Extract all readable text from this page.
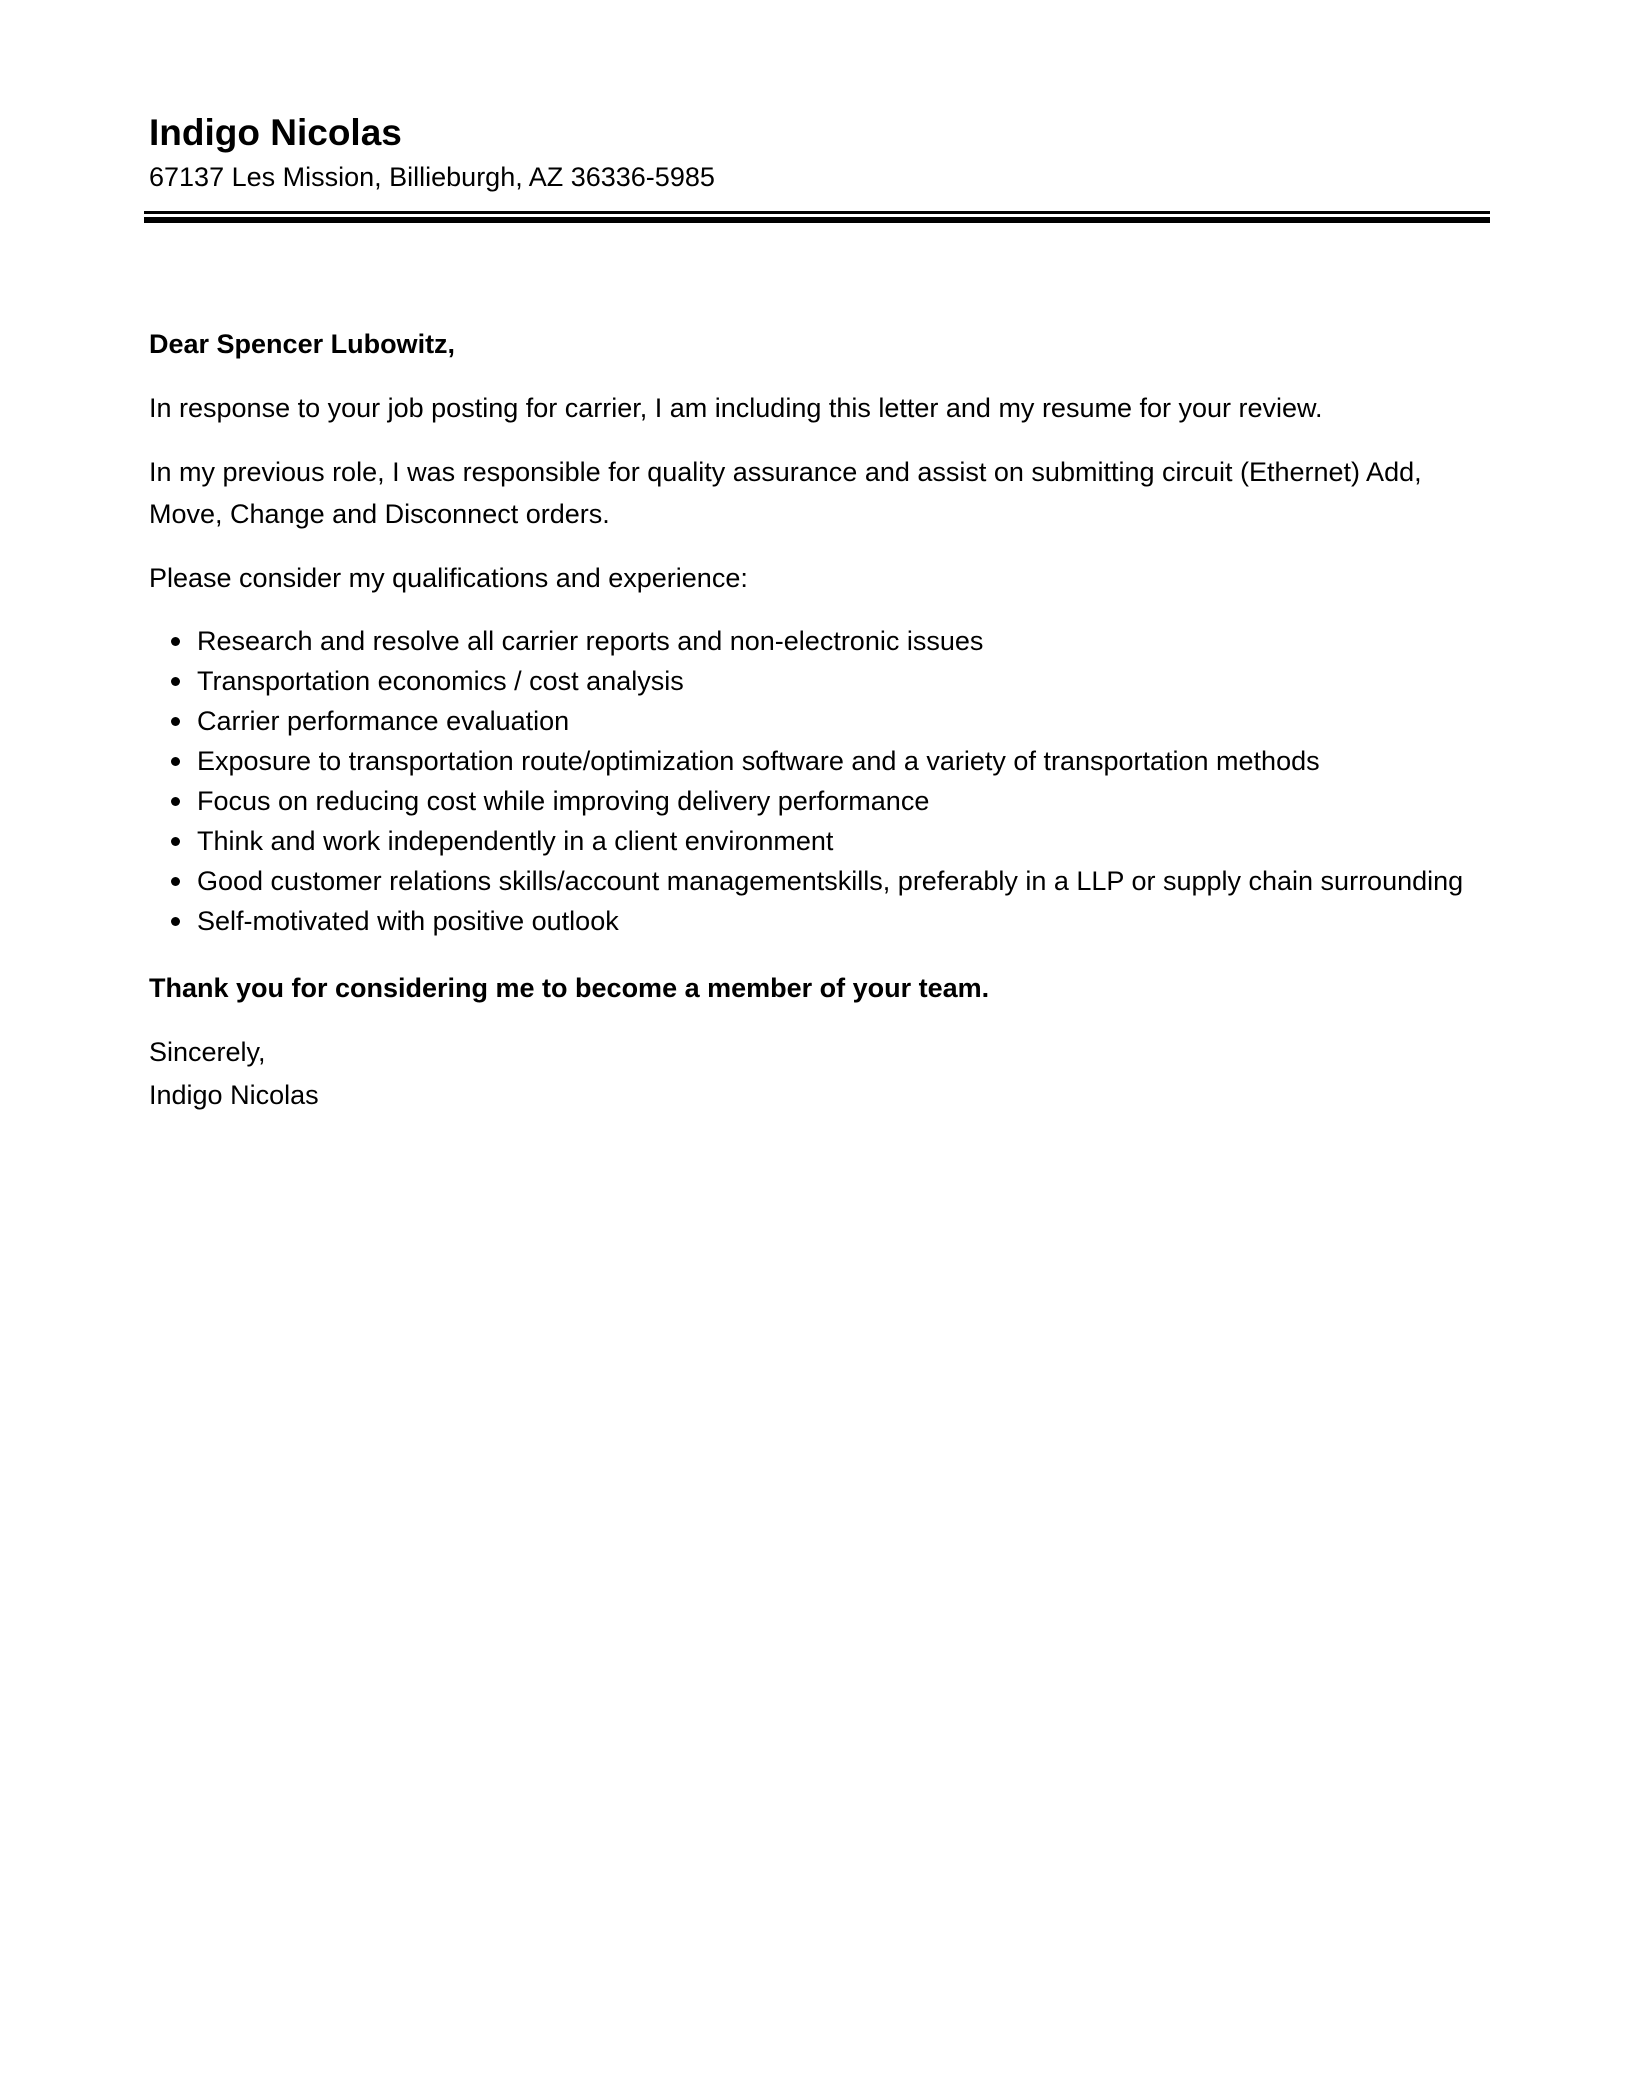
Indigo Nicolas

67137 Les Mission, Billieburgh, AZ 36336-5985

Dear Spencer Lubowitz,

In response to your job posting for carrier, I am including this letter and my resume for your review.

In my previous role, I was responsible for quality assurance and assist on submitting circuit (Ethernet) Add, Move, Change and Disconnect orders.

Please consider my qualifications and experience:

Research and resolve all carrier reports and non-electronic issues
Transportation economics / cost analysis
Carrier performance evaluation
Exposure to transportation route/optimization software and a variety of transportation methods
Focus on reducing cost while improving delivery performance
Think and work independently in a client environment
Good customer relations skills/account managementskills, preferably in a LLP or supply chain surrounding
Self-motivated with positive outlook

Thank you for considering me to become a member of your team.

Sincerely,

Indigo Nicolas
